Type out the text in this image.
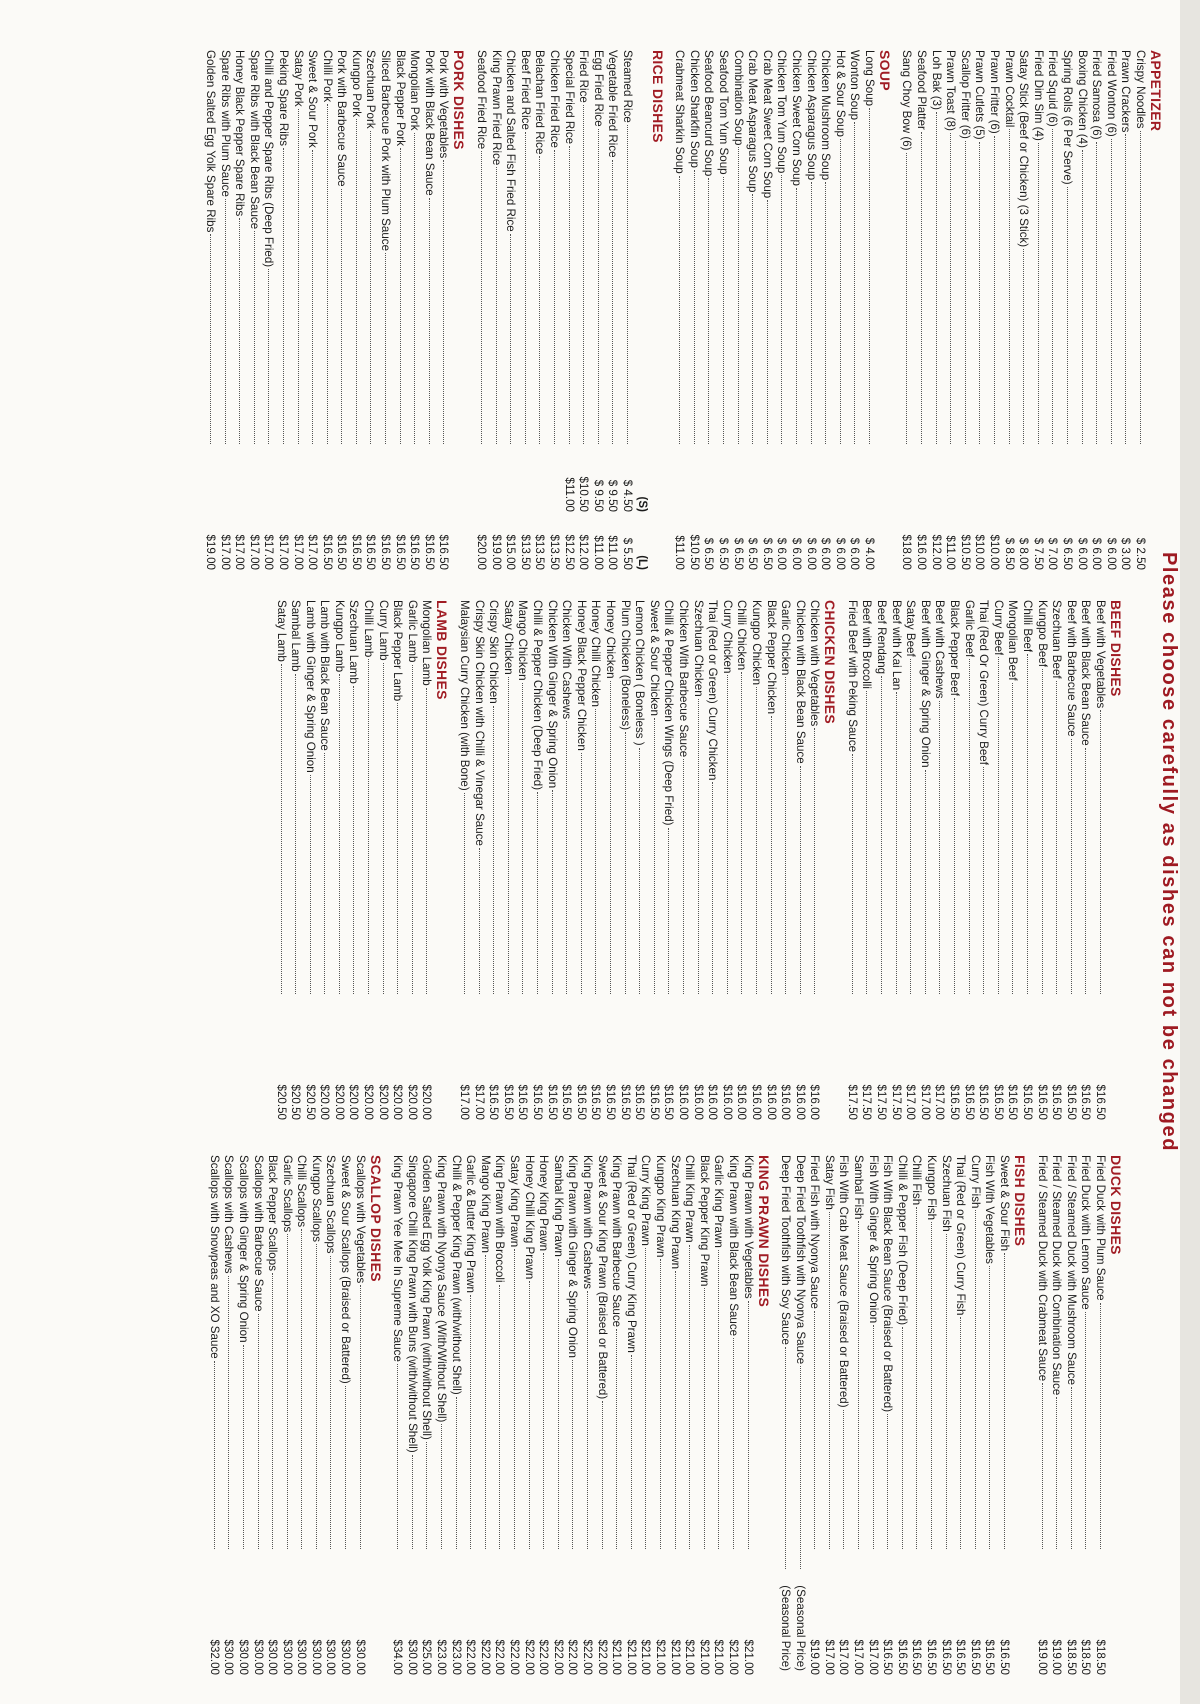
Please choose carefully as dishes can not be changed
APPETIZER
Crispy Noodles
$ 2.50
Prawn Crackers
$ 3.00
Fried Wonton (6)
$ 6.00
Fried Samosa (6)
$ 6.00
Boxing Chicken (4)
$ 6.00
Spring Rolls (6 Per Serve)
$ 6.50
Fried Squid (6)
$ 7.00
Fried Dim Sim (4)
$ 7.50
Satay Stick (Beef or Chicken) (3 Stick)
$ 8.00
Prawn Cocktail
$ 8.50
Prawn Fritter (6)
$10.00
Prawn Cutlets (5)
$10.00
Scallop Fritter (6)
$10.50
Prawn Toast (8)
$11.00
Loh Bak (3)
$12.00
Seafood Platter
$16.00
Sang Choy Bow (6)
$18.00
SOUP
Long Soup
$ 4.00
Wonton Soup
$ 6.00
Hot & Sour Soup
$ 6.00
Chicken Mushroom Soup
$ 6.00
Chicken Asparagus Soup
$ 6.00
Chicken Sweet Corn Soup
$ 6.00
Chicken Tom Yum Soup
$ 6.00
Crab Meat Sweet Corn Soup
$ 6.50
Crab Meat Asparagus Soup
$ 6.50
Combination Soup
$ 6.50
Seafood Tom Yum Soup
$ 6.50
Seafood Beancurd Soup
$ 6.50
Chicken Sharkfin Soup
$10.50
Crabmeat Sharkin Soup
$11.00
RICE DISHES
(S)
(L)
Steamed Rice
$ 4.50
$ 5.50
Vegetable Fried Rice
$ 9.50
$11.00
Egg Fried Rice
$ 9.50
$11.00
Fried Rice
$10.50
$12.00
Special Fried Rice
$11.00
$12.50
Chicken Fried Rice
$13.50
Belachan Fried Rice
$13.50
Beef Fried Rice
$13.50
Chicken and Salted Fish Fried Rice
$15.00
King Prawn Fried Rice
$19.00
Seafood Fried Rice
$20.00
PORK DISHES
Pork with Vegetables
$16.50
Pork with Black Bean Sauce
$16.50
Mongolian Pork
$16.50
Black Pepper Pork
$16.50
Sliced Barbecue Pork with Plum Sauce
$16.50
Szechuan Pork
$16.50
Kungpo Pork
$16.50
Pork with Barbecue Sauce
$16.50
Chilli Pork
$16.50
Sweet & Sour Pork
$17.00
Satay Pork
$17.00
Peking Spare Ribs
$17.00
Chilli and Pepper Spare Ribs (Deep Fried)
$17.00
Spare Ribs with Black Bean Sauce
$17.00
Honey Black Pepper Spare Ribs
$17.00
Spare Ribs with Plum Sauce
$17.00
Golden Salted Egg Yolk Spare Ribs
$19.00
BEEF DISHES
Beef with Vegetables
$16.50
Beef with Black Bean Sauce
$16.50
Beef with Barbecue Sauce
$16.50
Szechuan Beef
$16.50
Kungpo Beef
$16.50
Chilli Beef
$16.50
Mongolian Beef
$16.50
Curry Beef
$16.50
Thai (Red Or Green) Curry Beef
$16.50
Garlic Beef
$16.50
Black Pepper Beef
$16.50
Beef with Cashews
$17.00
Beef with Ginger & Spring Onion
$17.00
Satay Beef
$17.00
Beef with Kai Lan
$17.50
Beef Rendang
$17.50
Beef with Brocolli
$17.50
Fried Beef with Peking Sauce
$17.50
CHICKEN DISHES
Chicken with Vegetables
$16.00
Chicken with Black Bean Sauce
$16.00
Garlic Chicken
$16.00
Black Pepper Chicken
$16.00
Kungpo Chicken
$16.00
Chilli Chicken
$16.00
Curry Chicken
$16.00
Thai (Red or Green) Curry Chicken
$16.00
Szechuan Chicken
$16.00
Chicken With Barbecue Sauce
$16.00
Chilli & Pepper Chicken Wings (Deep Fried)
$16.50
Sweet & Sour Chicken
$16.50
Lemon Chicken ( Boneless )
$16.50
Plum Chicken (Boneless)
$16.50
Honey Chicken
$16.50
Honey Chilli Chicken
$16.50
Honey Black Pepper Chicken
$16.50
Chicken With Cashews
$16.50
Chicken With Ginger & Spring Onion
$16.50
Chilli & Pepper Chicken (Deep Fried)
$16.50
Mango Chicken
$16.50
Satay Chicken
$16.50
Crispy Skin Chicken
$16.50
Crispy Skin Chicken with Chilli & Vinegar Sauce
$17.00
Malaysian Curry Chicken (with Bone)
$17.00
LAMB DISHES
Mongolian Lamb
$20.00
Garlic Lamb
$20.00
Black Pepper Lamb
$20.00
Curry Lamb
$20.00
Chilli Lamb
$20.00
Szechuan Lamb
$20.00
Kungpo Lamb
$20.00
Lamb with Black Bean Sauce
$20.00
Lamb with Ginger & Spring Onion
$20.50
Sambal Lamb
$20.50
Satay Lamb
$20.50
DUCK DISHES
Fried Duck with Plum Sauce
$18.50
Fried Duck with Lemon Sauce
$18.50
Fried / Steamed Duck with Mushroom Sauce
$18.50
Fried / Steamed Duck with Combination Sauce
$19.00
Fried / Steamed Duck with Crabmeat Sauce
$19.00
FISH DISHES
Sweet & Sour Fish
$16.50
Fish With Vegetables
$16.50
Curry Fish
$16.50
Thai (Red or Green) Curry Fish
$16.50
Szechuan Fish
$16.50
Kungpo Fish
$16.50
Chilli Fish
$16.50
Chilli & Pepper Fish (Deep Fried)
$16.50
Fish With Black Bean Sauce (Braised or Battered)
$16.50
Fish With Ginger & Spring Onion
$17.00
Sambal Fish
$17.00
Fish With Crab Meat Sauce (Braised or Battered)
$17.00
Satay Fish
$17.00
Fried Fish with Nyonya Sauce
$19.00
Deep Fried Toothfish with Nyonya Sauce
(Seasonal Price)
Deep Fried Toothfish with Soy Sauce
(Seasonal Price)
KING PRAWN DISHES
King Prawn with Vegetables
$21.00
King Prawn with Black Bean Sauce
$21.00
Garlic King Prawn
$21.00
Black Pepper King Prawn
$21.00
Chilli King Prawn
$21.00
Szechuan King Prawn
$21.00
Kungpo King Prawn
$21.00
Curry King Prawn
$21.00
Thai (Red or Green) Curry King Prawn
$21.00
King Prawn with Barbecue Sauce
$21.00
Sweet & Sour King Prawn (Braised or Battered)
$22.00
King Prawn with Cashews
$22.00
King Prawn with Ginger & Spring Onion
$22.00
Sambal King Prawn
$22.00
Honey King Prawn
$22.00
Honey Chilli King Prawn
$22.00
Satay King Prawn
$22.00
King Prawn with Broccoli
$22.00
Mango King Prawn
$22.00
Garlic & Butter King Prawn
$22.00
Chilli & Pepper King Prawn (with/without Shell)
$23.00
King Prawn with Nyonya Sauce (With/Without Shell)
$23.00
Golden Salted Egg Yolk King Prawn (with/without Shell)
$25.00
Singapore Chilli King Prawn with Buns (with/without Shell)
$30.00
King Prawn Yee Mee In Supreme Sauce
$34.00
SCALLOP DISHES
Scallops with Vegetables
$30.00
Sweet & Sour Scallops (Braised or Battered)
$30.00
Szechuan Scallops
$30.00
Kungpo Scallops
$30.00
Chilli Scallops
$30.00
Garlic Scallops
$30.00
Black Pepper Scallops
$30.00
Scallops with Barbecue Sauce
$30.00
Scallops with Ginger & Spring Onion
$30.00
Scallops with Cashews
$30.00
Scallops with Snowpeas and XO Sauce
$32.00
